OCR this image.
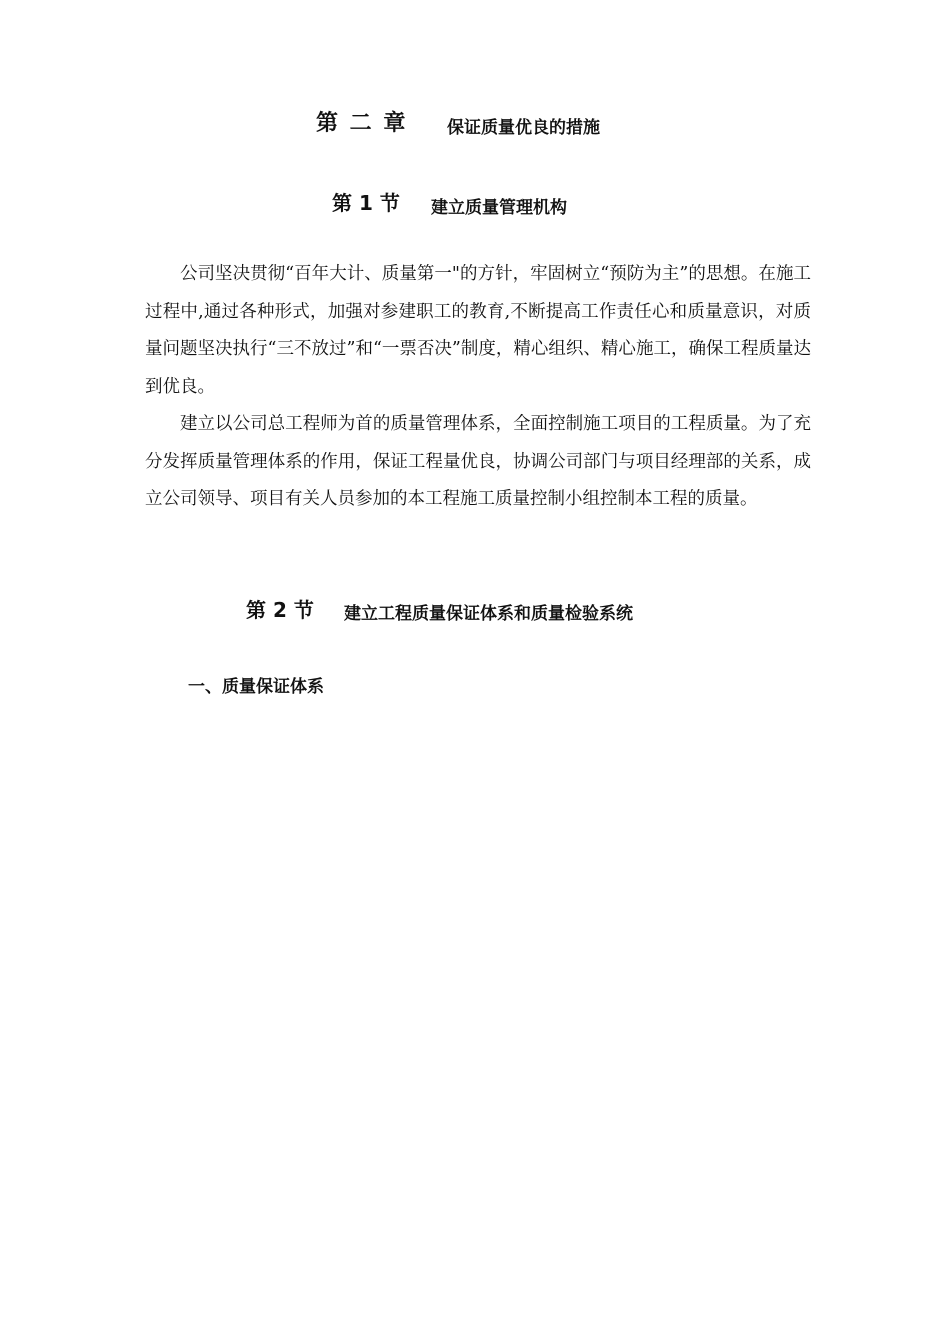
第 二 章 保证质量优良的措施
第 1 节 建立质量管理机构

公司坚决贯彻“百年大计、质量第一"的方针，牢固树立“预防为主”的思想。在施工过程中,通过各种形式，加强对参建职工的教育,不断提高工作责任心和质量意识，对质量问题坚决执行“三不放过”和“一票否决”制度，精心组织、精心施工，确保工程质量达到优良。

建立以公司总工程师为首的质量管理体系，全面控制施工项目的工程质量。为了充分发挥质量管理体系的作用，保证工程量优良，协调公司部门与项目经理部的关系，成立公司领导、项目有关人员参加的本工程施工质量控制小组控制本工程的质量。

第 2 节 建立工程质量保证体系和质量检验系统
一、质量保证体系
